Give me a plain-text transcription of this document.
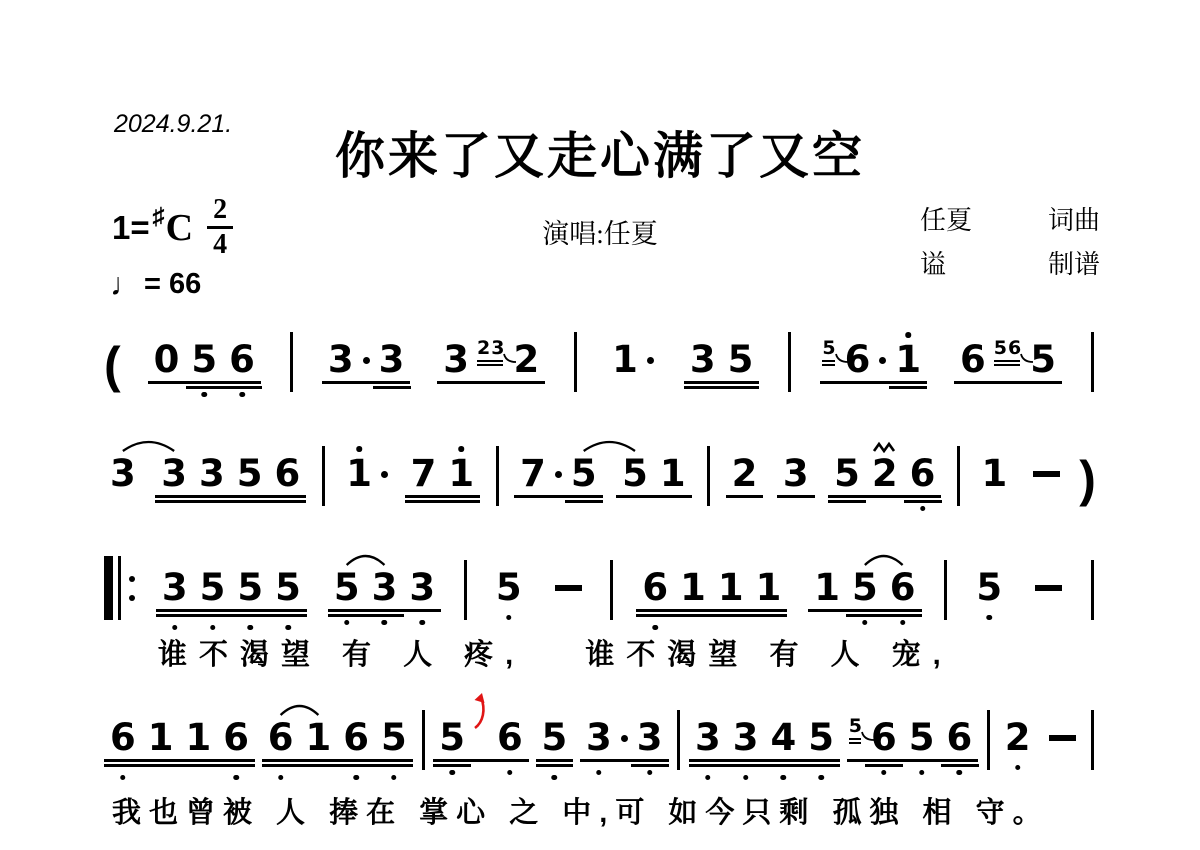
2024.9.21.
你来了又走心满了又空
1= ♯ C 2
4
♩ = 66
演唱:任夏	任夏	词曲
谥	制谱
( 0 5 6 3 3 3 23 2 1 3 5	5 6 1 6 56 5
3 3 3 5 6 1 7 1 7 5 5 1 2 3 5 2 6 1 )
3 5 5 5 5 3 3 5	6 1 1 1 1 5 6 5
谁不渴望 有 人 疼,   谁不渴望 有 人 宠,
6 1 1 6 6 1 6 5 5 6 5 3 3 3 3 4 5 5 6 5 6 2
我也曾被 人 捧在 掌心 之 中,可 如今只剩 孤独 相 守。
